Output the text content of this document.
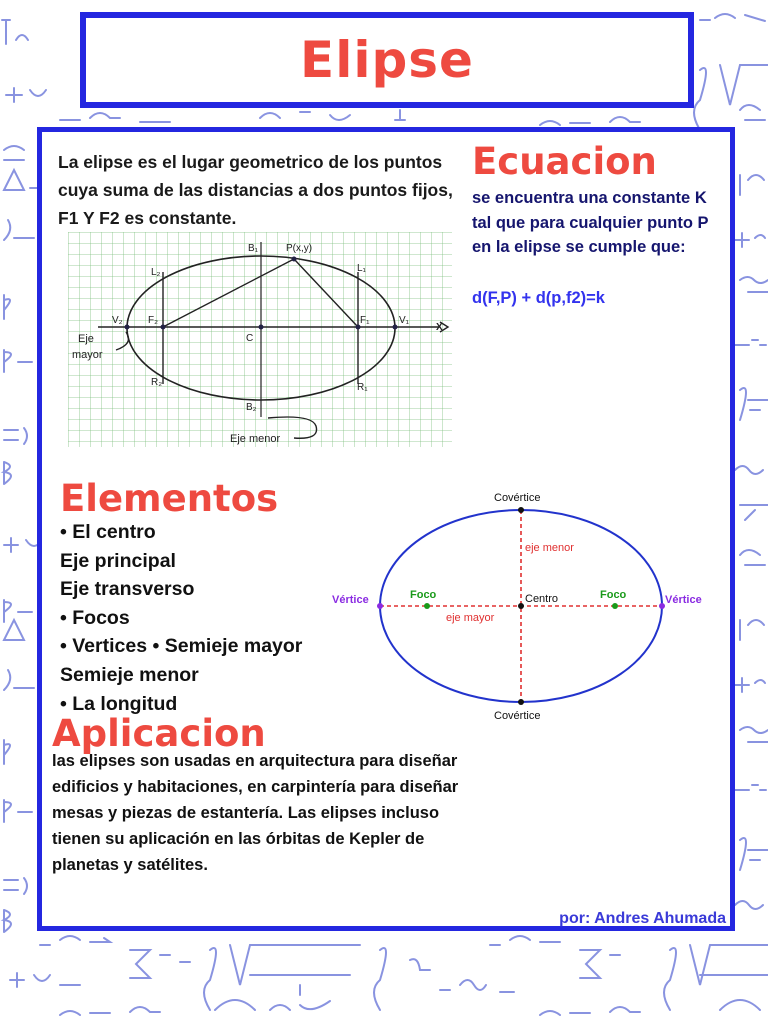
Elipse
La elipse es el lugar geometrico de los puntos cuya suma de las distancias a dos puntos fijos, F1 Y F2 es constante.
Ecuacion
se encuentra una constante K tal que para cualquier punto P en la elipse se cumple que:
d(F,P) + d(p,f2)=k
P(x,y)
B₁
B₂
L₂	L₁
R₂	R₁
V₂	V₁
F₂	F₁
C
X
Eje
mayor
Eje menor
Elementos
• El centro
Eje principal
Eje transverso
• Focos
• Vertices • Semieje mayor
Semieje menor
• La longitud
Covértice
Covértice
Centro
Vértice	Vértice
Foco	Foco
eje menor
eje mayor
Aplicacion
las elipses son usadas en arquitectura para diseñar edificios y habitaciones, en carpintería para diseñar mesas y piezas de estantería. Las elipses incluso tienen su aplicación en las órbitas de Kepler de planetas y satélites.
por: Andres Ahumada
